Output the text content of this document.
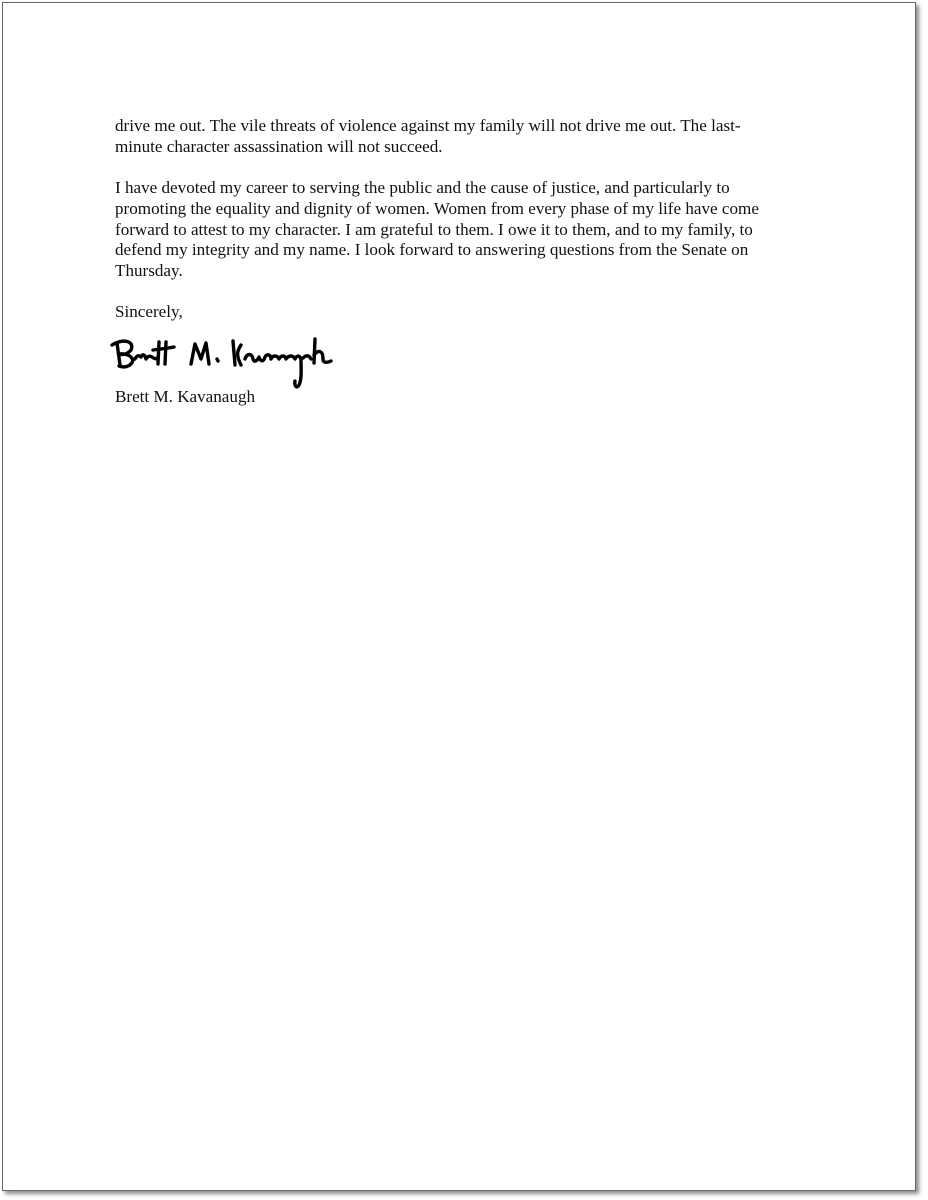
drive me out. The vile threats of violence against my family will not drive me out. The last-
minute character assassination will not succeed.

I have devoted my career to serving the public and the cause of justice, and particularly to
promoting the equality and dignity of women. Women from every phase of my life have come
forward to attest to my character. I am grateful to them. I owe it to them, and to my family, to
defend my integrity and my name. I look forward to answering questions from the Senate on
Thursday.

Sincerely,

Brett M. Kavanaugh
